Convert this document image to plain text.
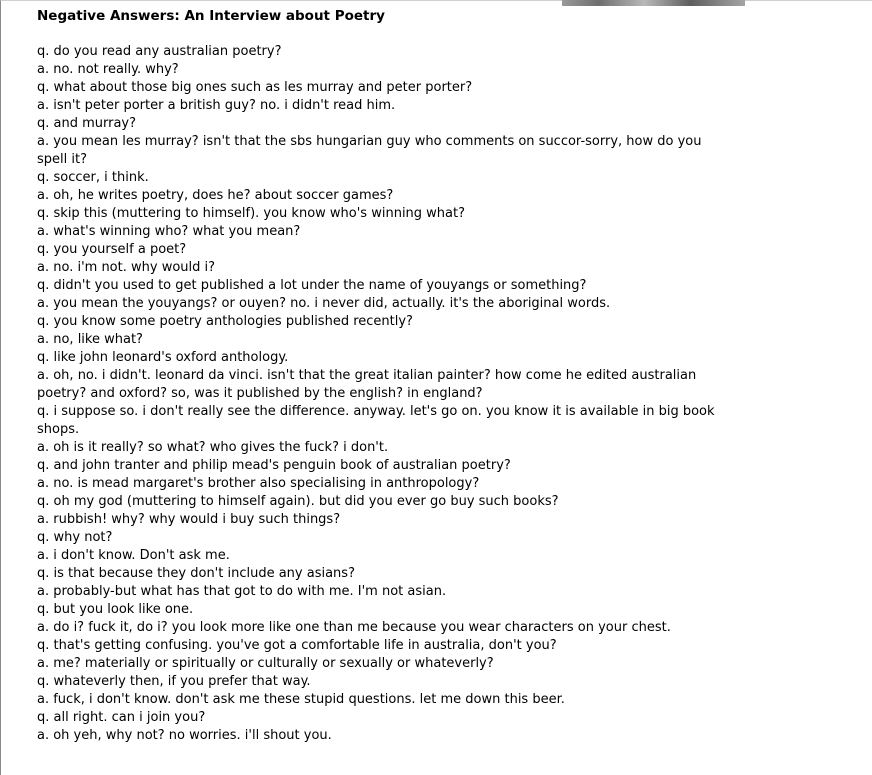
Negative Answers: An Interview about Poetry
q. do you read any australian poetry?
a. no. not really. why?
q. what about those big ones such as les murray and peter porter?
a. isn't peter porter a british guy? no. i didn't read him.
q. and murray?
a. you mean les murray? isn't that the sbs hungarian guy who comments on succor-sorry, how do you spell it?
q. soccer, i think.
a. oh, he writes poetry, does he? about soccer games?
q. skip this (muttering to himself). you know who's winning what?
a. what's winning who? what you mean?
q. you yourself a poet?
a. no. i'm not. why would i?
q. didn't you used to get published a lot under the name of youyangs or something?
a. you mean the youyangs? or ouyen? no. i never did, actually. it's the aboriginal words.
q. you know some poetry anthologies published recently?
a. no, like what?
q. like john leonard's oxford anthology.
a. oh, no. i didn't. leonard da vinci. isn't that the great italian painter? how come he edited australian poetry? and oxford? so, was it published by the english? in england?
q. i suppose so. i don't really see the difference. anyway. let's go on. you know it is available in big book shops.
a. oh is it really? so what? who gives the fuck? i don't.
q. and john tranter and philip mead's penguin book of australian poetry?
a. no. is mead margaret's brother also specialising in anthropology?
q. oh my god (muttering to himself again). but did you ever go buy such books?
a. rubbish! why? why would i buy such things?
q. why not?
a. i don't know. Don't ask me.
q. is that because they don't include any asians?
a. probably-but what has that got to do with me. I'm not asian.
q. but you look like one.
a. do i? fuck it, do i? you look more like one than me because you wear characters on your chest.
q. that's getting confusing. you've got a comfortable life in australia, don't you?
a. me? materially or spiritually or culturally or sexually or whateverly?
q. whateverly then, if you prefer that way.
a. fuck, i don't know. don't ask me these stupid questions. let me down this beer.
q. all right. can i join you?
a. oh yeh, why not? no worries. i'll shout you.
